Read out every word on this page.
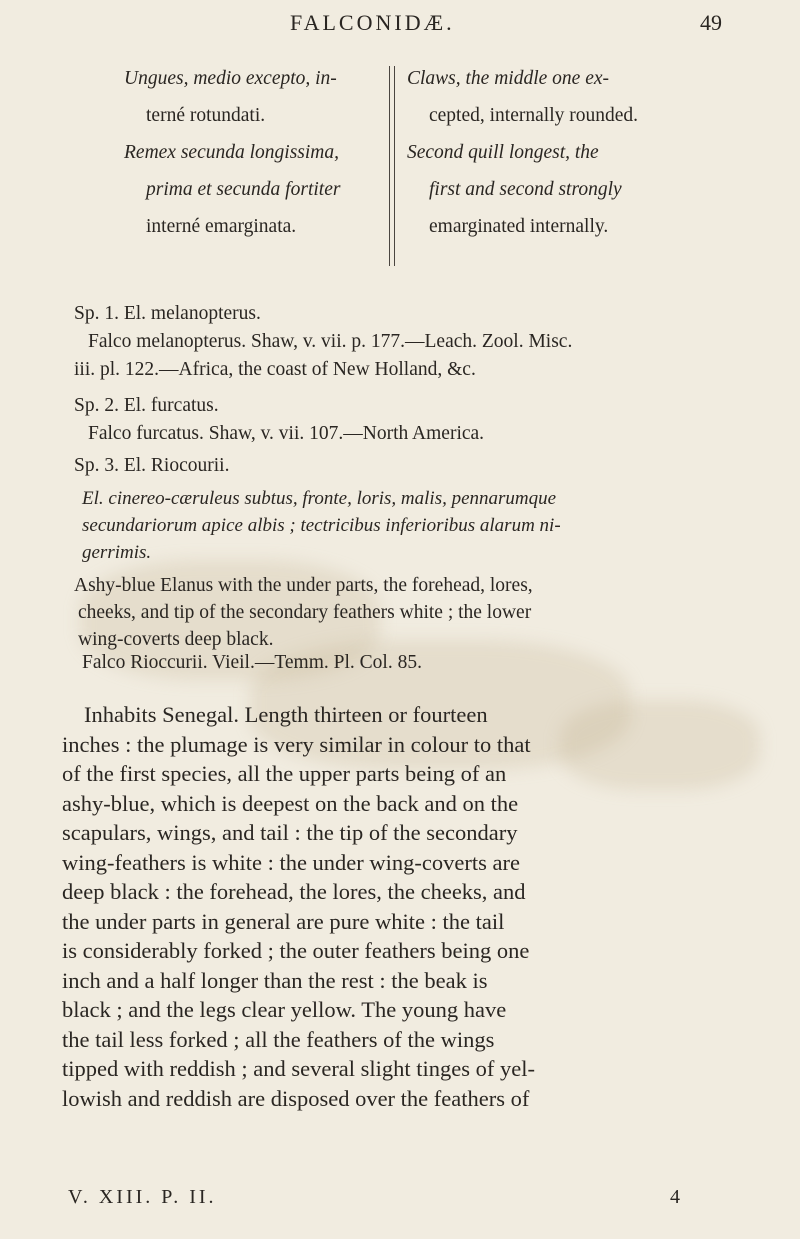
FALCONIDÆ.	49
Ungues, medio excepto, in-
terné rotundati.
Remex secunda longissima,
prima et secunda fortiter
interné emarginata.
Claws, the middle one ex-
cepted, internally rounded.
Second quill longest, the
first and second strongly
emarginated internally.
Sp. 1. El. melanopterus.
Falco melanopterus. Shaw, v. vii. p. 177.—Leach. Zool. Misc.
iii. pl. 122.—Africa, the coast of New Holland, &c.
Sp. 2. El. furcatus.
Falco furcatus. Shaw, v. vii. 107.—North America.
Sp. 3. El. Riocourii.
El. cinereo-cæruleus subtus, fronte, loris, malis, pennarumque
secundariorum apice albis ; tectricibus inferioribus alarum ni-
gerrimis.
Ashy-blue Elanus with the under parts, the forehead, lores,
cheeks, and tip of the secondary feathers white ; the lower
wing-coverts deep black.
Falco Rioccurii. Vieil.—Temm. Pl. Col. 85.
Inhabits Senegal. Length thirteen or fourteen
inches : the plumage is very similar in colour to that
of the first species, all the upper parts being of an
ashy-blue, which is deepest on the back and on the
scapulars, wings, and tail : the tip of the secondary
wing-feathers is white : the under wing-coverts are
deep black : the forehead, the lores, the cheeks, and
the under parts in general are pure white : the tail
is considerably forked ; the outer feathers being one
inch and a half longer than the rest : the beak is
black ; and the legs clear yellow. The young have
the tail less forked ; all the feathers of the wings
tipped with reddish ; and several slight tinges of yel-
lowish and reddish are disposed over the feathers of
V. XIII. P. II.	4
